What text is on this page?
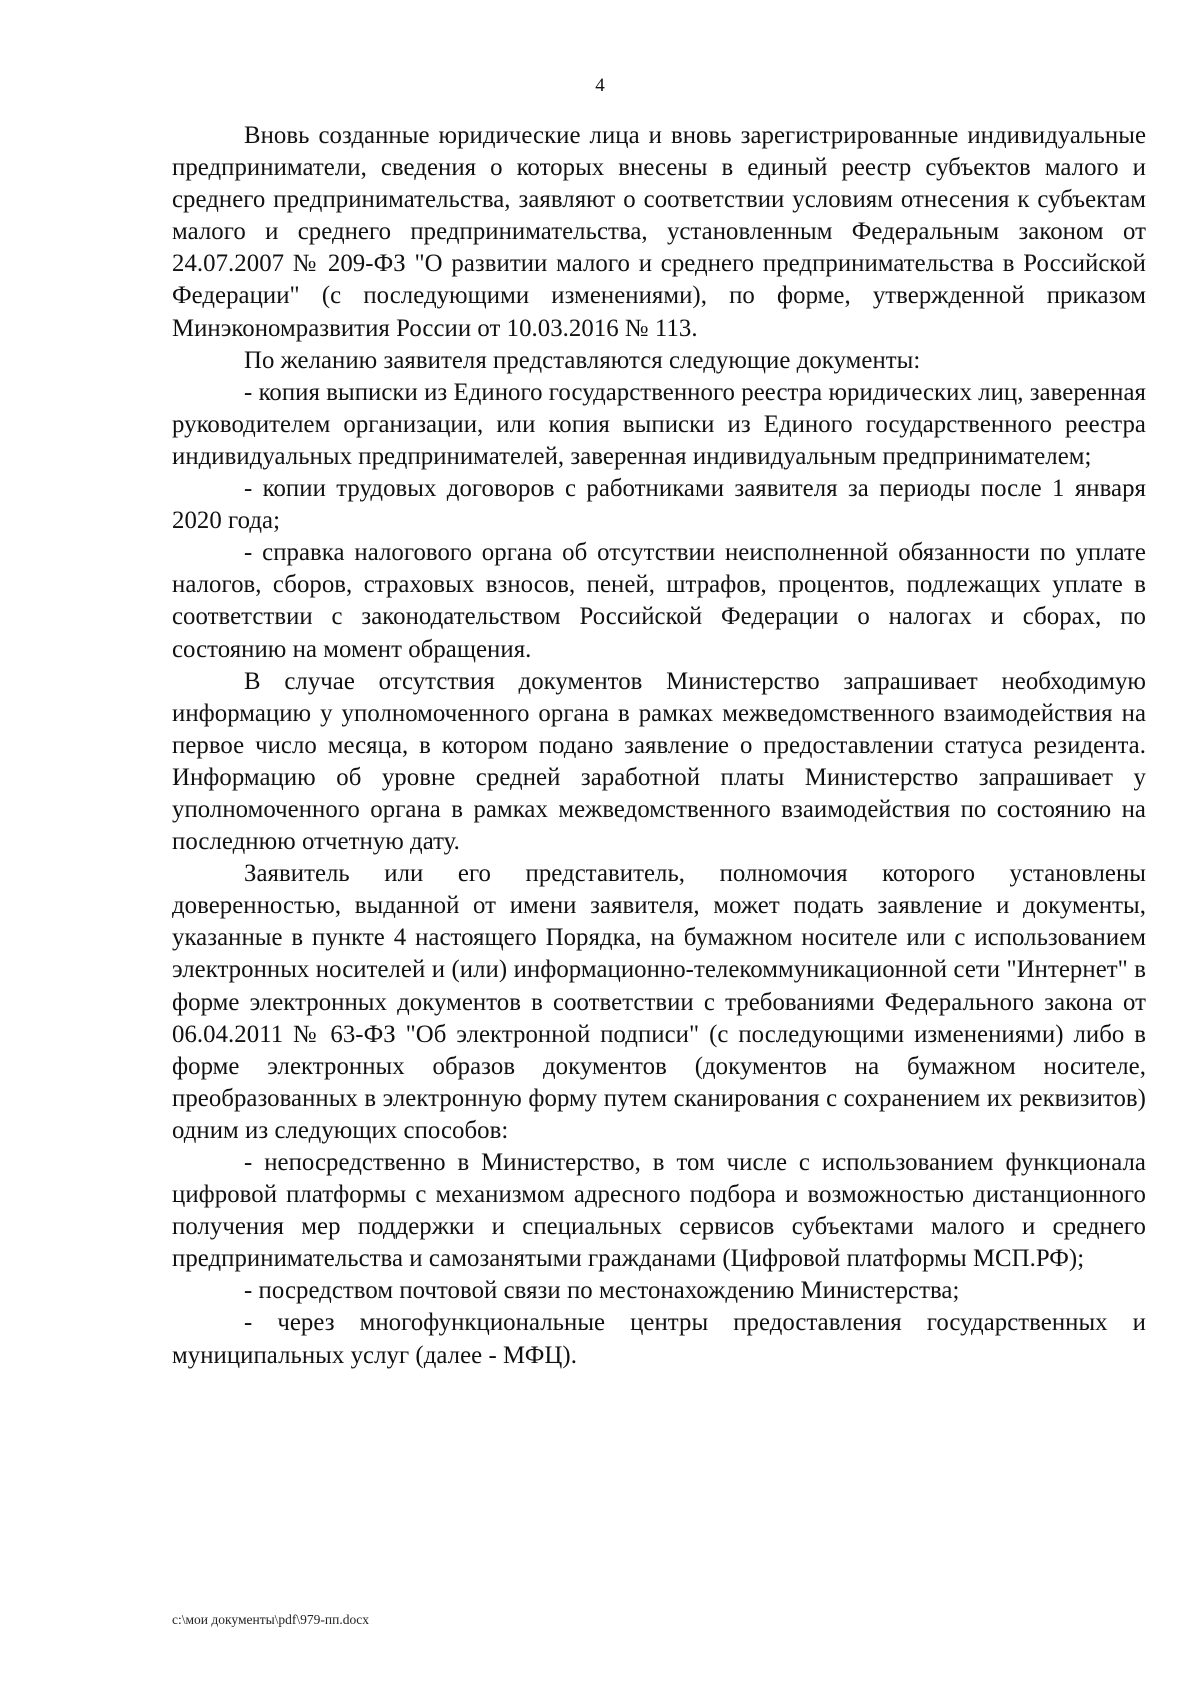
4

Вновь созданные юридические лица и вновь зарегистрированные индивидуальные предприниматели, сведения о которых внесены в единый реестр субъектов малого и среднего предпринимательства, заявляют о соответствии условиям отнесения к субъектам малого и среднего предпринимательства, установленным Федеральным законом от 24.07.2007 № 209-ФЗ "О развитии малого и среднего предпринимательства в Российской Федерации" (с последующими изменениями), по форме, утвержденной приказом Минэкономразвития России от 10.03.2016 № 113.

По желанию заявителя представляются следующие документы:

- копия выписки из Единого государственного реестра юридических лиц, заверенная руководителем организации, или копия выписки из Единого государственного реестра индивидуальных предпринимателей, заверенная индивидуальным предпринимателем;

- копии трудовых договоров с работниками заявителя за периоды после 1 января 2020 года;

- справка налогового органа об отсутствии неисполненной обязанности по уплате налогов, сборов, страховых взносов, пеней, штрафов, процентов, подлежащих уплате в соответствии с законодательством Российской Федерации о налогах и сборах, по состоянию на момент обращения.

В случае отсутствия документов Министерство запрашивает необходимую информацию у уполномоченного органа в рамках межведомственного взаимодействия на первое число месяца, в котором подано заявление о предоставлении статуса резидента. Информацию об уровне средней заработной платы Министерство запрашивает у уполномоченного органа в рамках межведомственного взаимодействия по состоянию на последнюю отчетную дату.

Заявитель или его представитель, полномочия которого установлены доверенностью, выданной от имени заявителя, может подать заявление и документы, указанные в пункте 4 настоящего Порядка, на бумажном носителе или с использованием электронных носителей и (или) информационно-телекоммуникационной сети "Интернет" в форме электронных документов в соответствии с требованиями Федерального закона от 06.04.2011 № 63-ФЗ "Об электронной подписи" (с последующими изменениями) либо в форме электронных образов документов (документов на бумажном носителе, преобразованных в электронную форму путем сканирования с сохранением их реквизитов) одним из следующих способов:

- непосредственно в Министерство, в том числе с использованием функционала цифровой платформы с механизмом адресного подбора и возможностью дистанционного получения мер поддержки и специальных сервисов субъектами малого и среднего предпринимательства и самозанятыми гражданами (Цифровой платформы МСП.РФ);

- посредством почтовой связи по местонахождению Министерства;

- через многофункциональные центры предоставления государственных и муниципальных услуг (далее - МФЦ).

c:\мои документы\pdf\979-пп.docx
